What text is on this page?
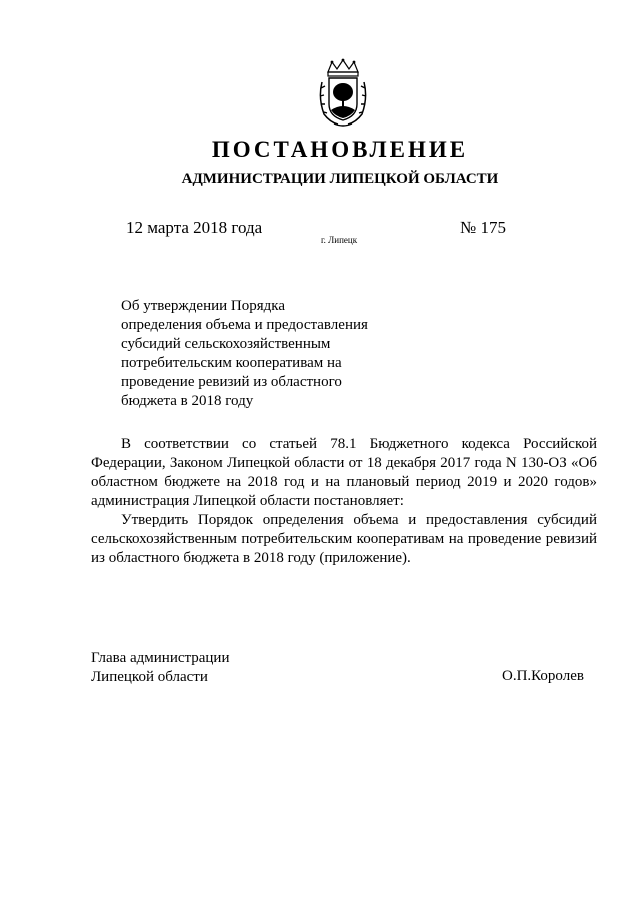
ПОСТАНОВЛЕНИЕ
АДМИНИСТРАЦИИ ЛИПЕЦКОЙ ОБЛАСТИ
12 марта 2018 года
г. Липецк
№ 175
Об утверждении Порядка
определения объема и предоставления
субсидий сельскохозяйственным
потребительским кооперативам на
проведение ревизий из областного
бюджета в 2018 году

В соответствии со статьей 78.1 Бюджетного кодекса Российской Федерации, Законом Липецкой области от 18 декабря 2017 года N 130-ОЗ «Об областном бюджете на 2018 год и на плановый период 2019 и 2020 годов» администрация Липецкой области постановляет:

Утвердить Порядок определения объема и предоставления субсидий сельскохозяйственным потребительским кооперативам на проведение ревизий из областного бюджета в 2018 году (приложение).

Глава администрации
Липецкой области	О.П.Королев
